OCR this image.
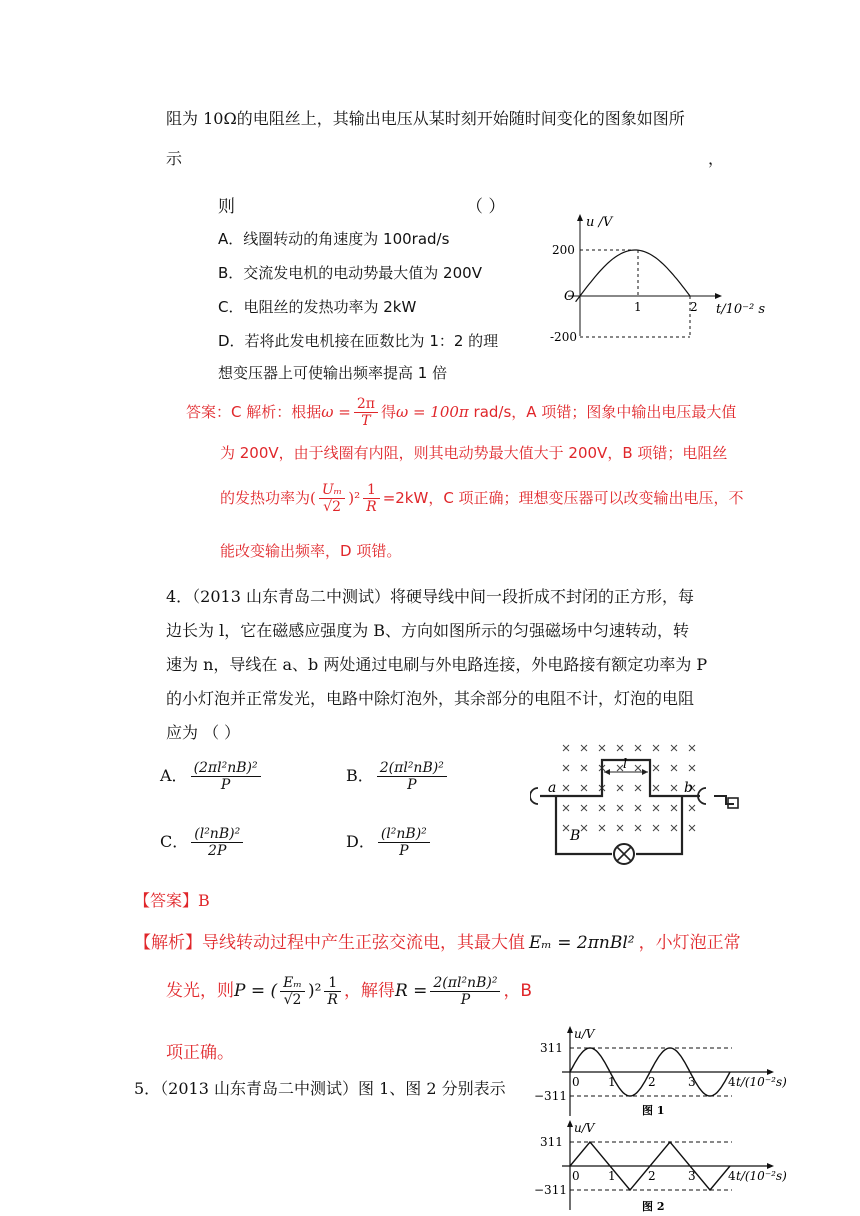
阻为 10Ω的电阻丝上，其输出电压从某时刻开始随时间变化的图象如图所
示	，
则	（ ）
A．线圈转动的角速度为 100rad/s
B．交流发电机的电动势最大值为 200V
C．电阻丝的发热功率为 2kW
D．若将此发电机接在匝数比为 1：2 的理
想变压器上可使输出频率提高 1 倍
u /V
200
-200
O
1	2 t/10⁻² s
答案：C 解析：根据$\omega = \frac{2\pi}{T}$ 得ω = 100π rad/s，A 项错；图象中输出电压最大值
为 200V，由于线圈有内阻，则其电动势最大值大于 200V，B 项错；电阻丝
的发热功率为( $\frac{\text{Uₘ}}{√2} )^2 \frac{1}{R} =2kW$，C 项正确；理想变压器可以改变输出电压，不
能改变输出频率，D 项错。
4．（2013 山东青岛二中测试）将硬导线中间一段折成不封闭的正方形，每
边长为 l，它在磁感应强度为 B、方向如图所示的匀强磁场中匀速转动，转
速为 n，导线在 a、b 两处通过电刷与外电路连接，外电路接有额定功率为 P
的小灯泡并正常发光，电路中除灯泡外，其余部分的电阻不计，灯泡的电阻
应为 （ ）
A． $\frac{\text{(2πl²nB)²}}{P}$	B． $\frac{\text{2(πl²nB)²}}{P}$
C． $\frac{\text{(l²nB)²}}{2P}$	D． $\frac{\text{(l²nB)²}}{P}$
a	b
l
B
【答案】B
【解析】导线转动过程中产生正弦交流电，其最大值 Eₘ = 2πnBl² ，小灯泡正常
发光，则P = ( $\frac{\text{Eₘ}}{√2} )^2 \frac{1}{R}$ ，解得$R = \frac{\text{2(πl²nB)²}}{P}$ ，B
项正确。
5．（2013 山东青岛二中测试）图 1、图 2 分别表示
u/V
311
−311
0 1	2	3	4 t/(10⁻²s)
图 1
u/V
311
−311
0 1	2	3	4 t/(10⁻²s)
图 2
